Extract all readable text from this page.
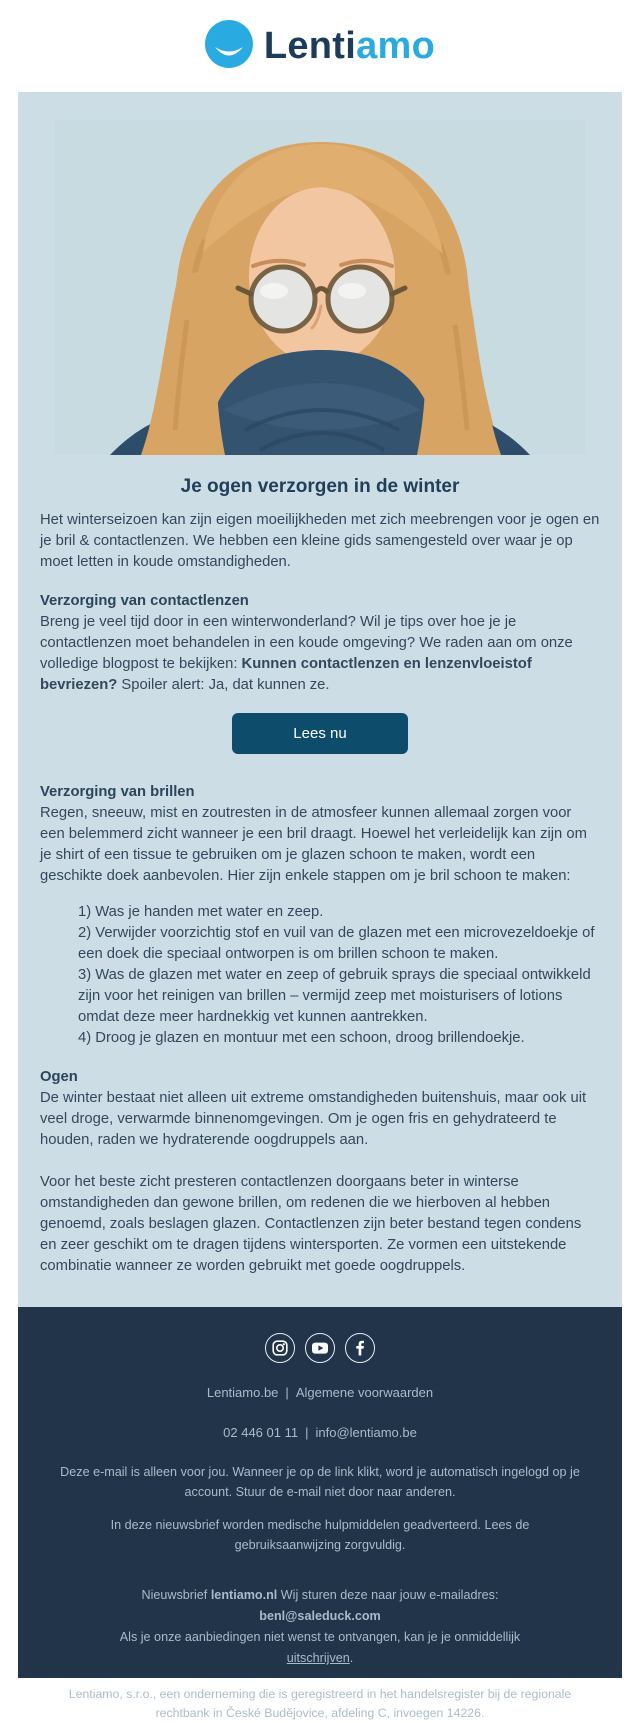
Lentiamo
Je ogen verzorgen in de winter

Het winterseizoen kan zijn eigen moeilijkheden met zich meebrengen voor je ogen en je bril & contactlenzen. We hebben een kleine gids samengesteld over waar je op moet letten in koude omstandigheden.

Verzorging van contactlenzen

Breng je veel tijd door in een winterwonderland? Wil je tips over hoe je je contactlenzen moet behandelen in een koude omgeving? We raden aan om onze volledige blogpost te bekijken: Kunnen contactlenzen en lenzenvloeistof bevriezen? Spoiler alert: Ja, dat kunnen ze.

Lees nu

Verzorging van brillen

Regen, sneeuw, mist en zoutresten in de atmosfeer kunnen allemaal zorgen voor een belemmerd zicht wanneer je een bril draagt. Hoewel het verleidelijk kan zijn om je shirt of een tissue te gebruiken om je glazen schoon te maken, wordt een geschikte doek aanbevolen. Hier zijn enkele stappen om je bril schoon te maken:

1) Was je handen met water en zeep.

2) Verwijder voorzichtig stof en vuil van de glazen met een microvezeldoekje of een doek die speciaal ontworpen is om brillen schoon te maken.

3) Was de glazen met water en zeep of gebruik sprays die speciaal ontwikkeld zijn voor het reinigen van brillen – vermijd zeep met moisturisers of lotions omdat deze meer hardnekkig vet kunnen aantrekken.

4) Droog je glazen en montuur met een schoon, droog brillendoekje.

Ogen

De winter bestaat niet alleen uit extreme omstandigheden buitenshuis, maar ook uit veel droge, verwarmde binnenomgevingen. Om je ogen fris en gehydrateerd te houden, raden we hydraterende oogdruppels aan.

Voor het beste zicht presteren contactlenzen doorgaans beter in winterse omstandigheden dan gewone brillen, om redenen die we hierboven al hebben genoemd, zoals beslagen glazen. Contactlenzen zijn beter bestand tegen condens en zeer geschikt om te dragen tijdens wintersporten. Ze vormen een uitstekende combinatie wanneer ze worden gebruikt met goede oogdruppels.

Lentiamo.be | Algemene voorwaarden
02 446 01 11 | info@lentiamo.be

Deze e-mail is alleen voor jou. Wanneer je op de link klikt, word je automatisch ingelogd op je account. Stuur de e-mail niet door naar anderen.

In deze nieuwsbrief worden medische hulpmiddelen geadverteerd. Lees de gebruiksaanwijzing zorgvuldig.

Nieuwsbrief lentiamo.nl Wij sturen deze naar jouw e-mailadres: benl@saleduck.com
Als je onze aanbiedingen niet wenst te ontvangen, kan je je onmiddellijk uitschrijven.

Lentiamo, s.r.o., een onderneming die is geregistreerd in het handelsregister bij de regionale rechtbank in České Budějovice, afdeling C, invoegen 14226.
